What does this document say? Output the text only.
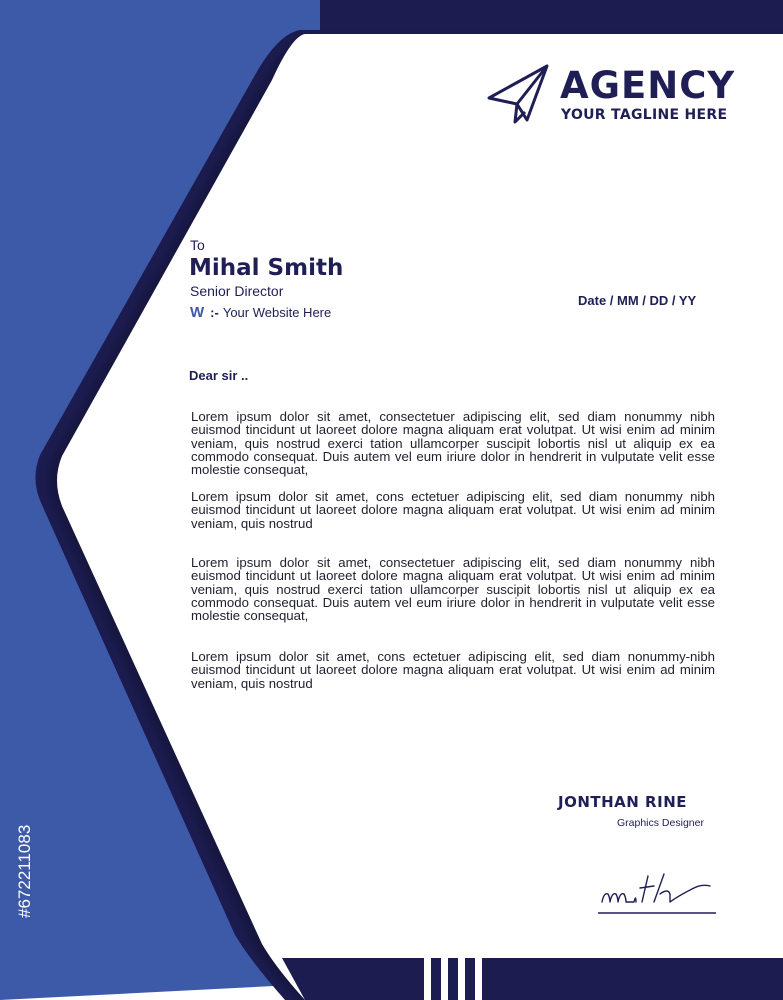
AGENCY
YOUR TAGLINE HERE
To
Mihal Smith
Senior Director
W :- Your Website Here
Date / MM / DD / YY
Dear sir ..
Lorem ipsum dolor sit amet, consectetuer adipiscing elit, sed diam nonummy nibh euismod tincidunt ut laoreet dolore magna aliquam erat volutpat. Ut wisi enim ad minim veniam, quis nostrud exerci tation ullamcorper suscipit lobortis nisl ut aliquip ex ea commodo consequat. Duis autem vel eum iriure dolor in hendrerit in vulputate velit esse molestie consequat,
Lorem ipsum dolor sit amet, cons ectetuer adipiscing elit, sed diam nonummy nibh euismod tincidunt ut laoreet dolore magna aliquam erat volutpat. Ut wisi enim ad minim veniam, quis nostrud
Lorem ipsum dolor sit amet, consectetuer adipiscing elit, sed diam nonummy nibh euismod tincidunt ut laoreet dolore magna aliquam erat volutpat. Ut wisi enim ad minim veniam, quis nostrud exerci tation ullamcorper suscipit lobortis nisl ut aliquip ex ea commodo consequat. Duis autem vel eum iriure dolor in hendrerit in vulputate velit esse molestie consequat,
Lorem ipsum dolor sit amet, cons ectetuer adipiscing elit, sed diam nonummy-nibh euismod tincidunt ut laoreet dolore magna aliquam erat volutpat. Ut wisi enim ad minim veniam, quis nostrud
JONTHAN RINE
Graphics Designer
#672211083
